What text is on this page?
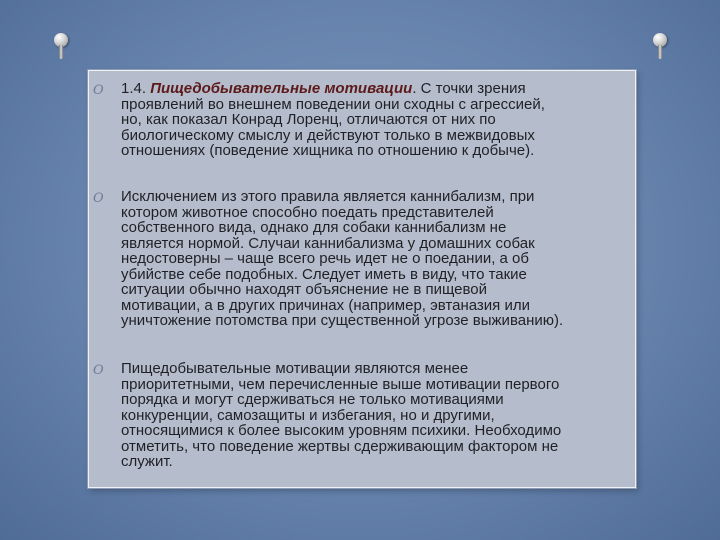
O 1.4. Пищедобывательные мотивации. С точки зрения
проявлений во внешнем поведении они сходны с агрессией,
но, как показал Конрад Лоренц, отличаются от них по
биологическому смыслу и действуют только в межвидовых
отношениях (поведение хищника по отношению к добыче).
O Исключением из этого правила является каннибализм, при
котором животное способно поедать представителей
собственного вида, однако для собаки каннибализм не
является нормой. Случаи каннибализма у домашних собак
недостоверны – чаще всего речь идет не о поедании, а об
убийстве себе подобных. Следует иметь в виду, что такие
ситуации обычно находят объяснение не в пищевой
мотивации, а в других причинах (например, эвтаназия или
уничтожение потомства при существенной угрозе выживанию).
O Пищедобывательные мотивации являются менее
приоритетными, чем перечисленные выше мотивации первого
порядка и могут сдерживаться не только мотивациями
конкуренции, самозащиты и избегания, но и другими,
относящимися к более высоким уровням психики. Необходимо
отметить, что поведение жертвы сдерживающим фактором не
служит.
